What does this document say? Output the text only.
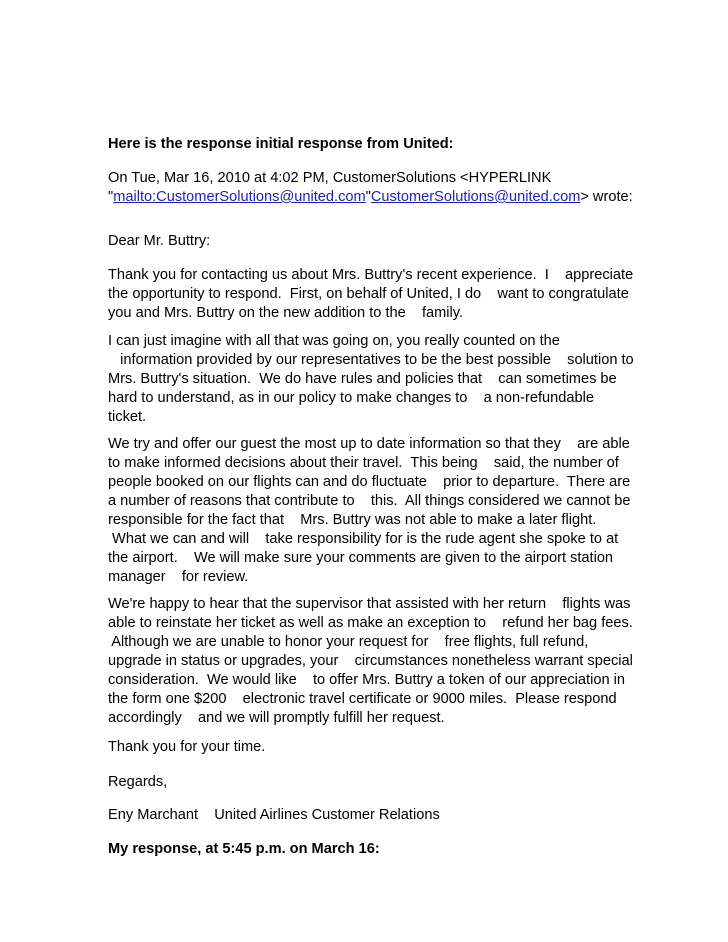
Here is the response initial response from United:
On Tue, Mar 16, 2010 at 4:02 PM, CustomerSolutions <HYPERLINK
"mailto:CustomerSolutions@united.com"CustomerSolutions@united.com> wrote:
Dear Mr. Buttry:
Thank you for contacting us about Mrs. Buttry's recent experience.  I    appreciate
the opportunity to respond.  First, on behalf of United, I do    want to congratulate
you and Mrs. Buttry on the new addition to the    family.
I can just imagine with all that was going on, you really counted on the
information provided by our representatives to be the best possible    solution to
Mrs. Buttry's situation.  We do have rules and policies that    can sometimes be
hard to understand, as in our policy to make changes to    a non-refundable
ticket.
We try and offer our guest the most up to date information so that they    are able
to make informed decisions about their travel.  This being    said, the number of
people booked on our flights can and do fluctuate    prior to departure.  There are
a number of reasons that contribute to    this.  All things considered we cannot be
responsible for the fact that    Mrs. Buttry was not able to make a later flight.
What we can and will    take responsibility for is the rude agent she spoke to at
the airport.    We will make sure your comments are given to the airport station
manager    for review.
We're happy to hear that the supervisor that assisted with her return    flights was
able to reinstate her ticket as well as make an exception to    refund her bag fees.
Although we are unable to honor your request for    free flights, full refund,
upgrade in status or upgrades, your    circumstances nonetheless warrant special
consideration.  We would like    to offer Mrs. Buttry a token of our appreciation in
the form one $200    electronic travel certificate or 9000 miles.  Please respond
accordingly    and we will promptly fulfill her request.
Thank you for your time.
Regards,
Eny Marchant    United Airlines Customer Relations
My response, at 5:45 p.m. on March 16:
